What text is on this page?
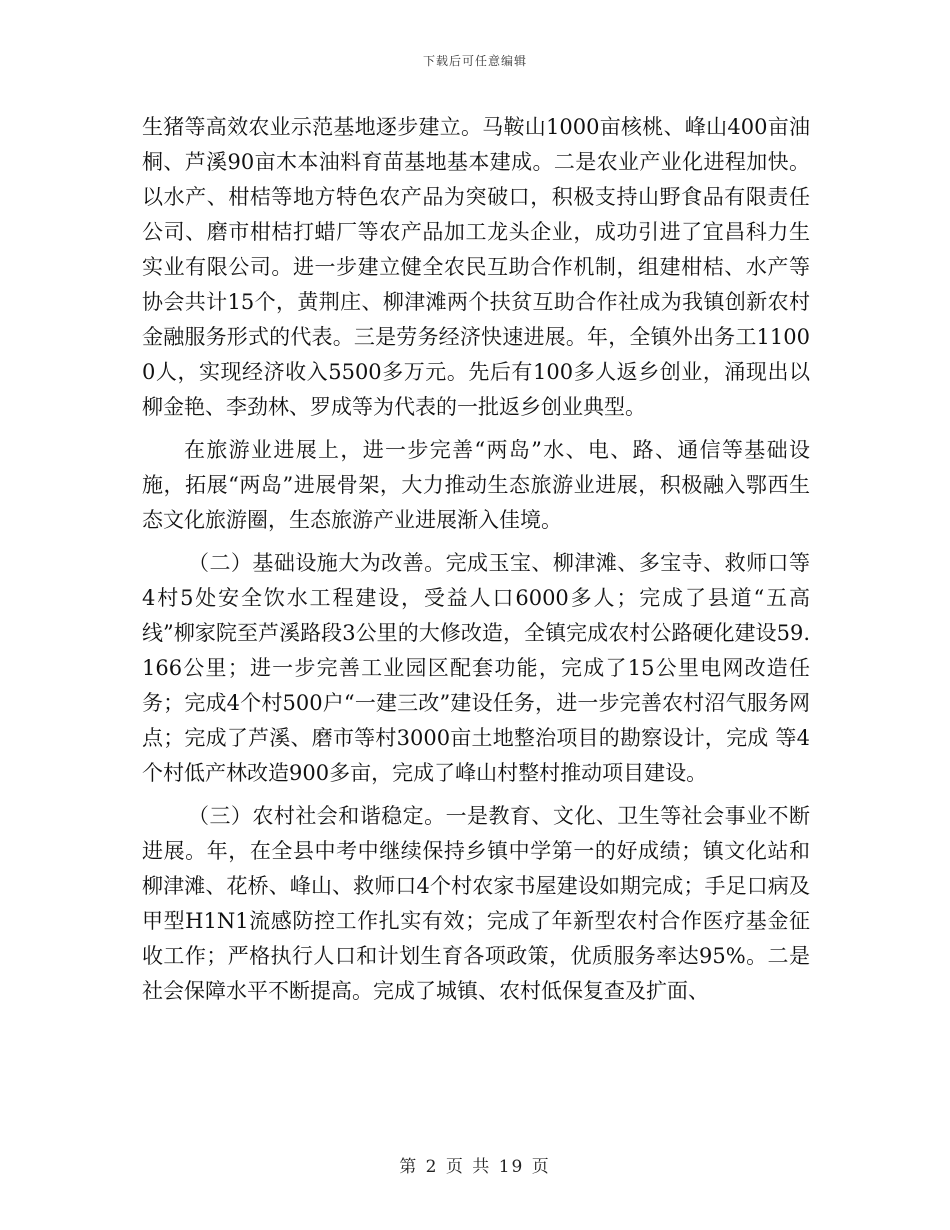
下载后可任意编辑

生猪等高效农业示范基地逐步建立。马鞍山1000亩核桃、峰山400亩油桐、芦溪90亩木本油料育苗基地基本建成。二是农业产业化进程加快。以水产、柑桔等地方特色农产品为突破口，积极支持山野食品有限责任公司、磨市柑桔打蜡厂等农产品加工龙头企业，成功引进了宜昌科力生实业有限公司。进一步建立健全农民互助合作机制，组建柑桔、水产等协会共计15个，黄荆庄、柳津滩两个扶贫互助合作社成为我镇创新农村金融服务形式的代表。三是劳务经济快速进展。年，全镇外出务工11000人，实现经济收入5500多万元。先后有100多人返乡创业，涌现出以柳金艳、李劲林、罗成等为代表的一批返乡创业典型。

在旅游业进展上，进一步完善“两岛”水、电、路、通信等基础设施，拓展“两岛”进展骨架，大力推动生态旅游业进展，积极融入鄂西生态文化旅游圈，生态旅游产业进展渐入佳境。

（二）基础设施大为改善。完成玉宝、柳津滩、多宝寺、救师口等4村5处安全饮水工程建设，受益人口6000多人；完成了县道“五高线”柳家院至芦溪路段3公里的大修改造，全镇完成农村公路硬化建设59.166公里；进一步完善工业园区配套功能，完成了15公里电网改造任务；完成4个村500户“一建三改”建设任务，进一步完善农村沼气服务网点；完成了芦溪、磨市等村3000亩土地整治项目的勘察设计，完成 等4个村低产林改造900多亩，完成了峰山村整村推动项目建设。

（三）农村社会和谐稳定。一是教育、文化、卫生等社会事业不断进展。年，在全县中考中继续保持乡镇中学第一的好成绩；镇文化站和柳津滩、花桥、峰山、救师口4个村农家书屋建设如期完成；手足口病及甲型H1N1流感防控工作扎实有效；完成了年新型农村合作医疗基金征收工作；严格执行人口和计划生育各项政策，优质服务率达95%。二是社会保障水平不断提高。完成了城镇、农村低保复查及扩面、

第 2 页 共 19 页
